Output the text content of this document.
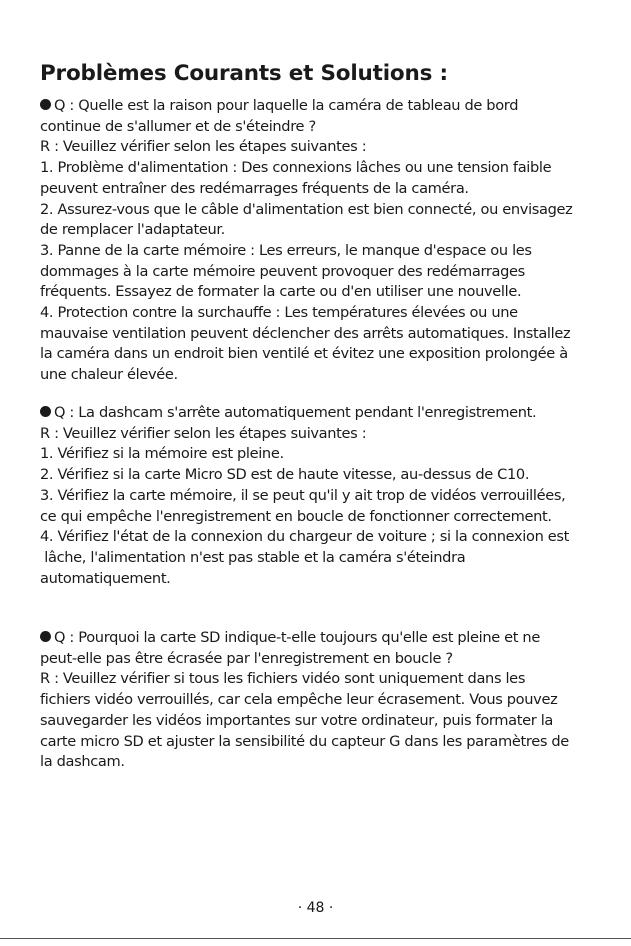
Problèmes Courants et Solutions :
Q : Quelle est la raison pour laquelle la caméra de tableau de bord
continue de s'allumer et de s'éteindre ?
R : Veuillez vérifier selon les étapes suivantes :
1. Problème d'alimentation : Des connexions lâches ou une tension faible
peuvent entraîner des redémarrages fréquents de la caméra.
2. Assurez-vous que le câble d'alimentation est bien connecté, ou envisagez
de remplacer l'adaptateur.
3. Panne de la carte mémoire : Les erreurs, le manque d'espace ou les
dommages à la carte mémoire peuvent provoquer des redémarrages
fréquents. Essayez de formater la carte ou d'en utiliser une nouvelle.
4. Protection contre la surchauffe : Les températures élevées ou une
mauvaise ventilation peuvent déclencher des arrêts automatiques. Installez
la caméra dans un endroit bien ventilé et évitez une exposition prolongée à
une chaleur élevée.
Q : La dashcam s'arrête automatiquement pendant l'enregistrement.
R : Veuillez vérifier selon les étapes suivantes :
1. Vérifiez si la mémoire est pleine.
2. Vérifiez si la carte Micro SD est de haute vitesse, au-dessus de C10.
3. Vérifiez la carte mémoire, il se peut qu'il y ait trop de vidéos verrouillées,
ce qui empêche l'enregistrement en boucle de fonctionner correctement.
4. Vérifiez l'état de la connexion du chargeur de voiture ; si la connexion est
lâche, l'alimentation n'est pas stable et la caméra s'éteindra
automatiquement.
Q : Pourquoi la carte SD indique-t-elle toujours qu'elle est pleine et ne
peut-elle pas être écrasée par l'enregistrement en boucle ?
R : Veuillez vérifier si tous les fichiers vidéo sont uniquement dans les
fichiers vidéo verrouillés, car cela empêche leur écrasement. Vous pouvez
sauvegarder les vidéos importantes sur votre ordinateur, puis formater la
carte micro SD et ajuster la sensibilité du capteur G dans les paramètres de
la dashcam.
· 48 ·
